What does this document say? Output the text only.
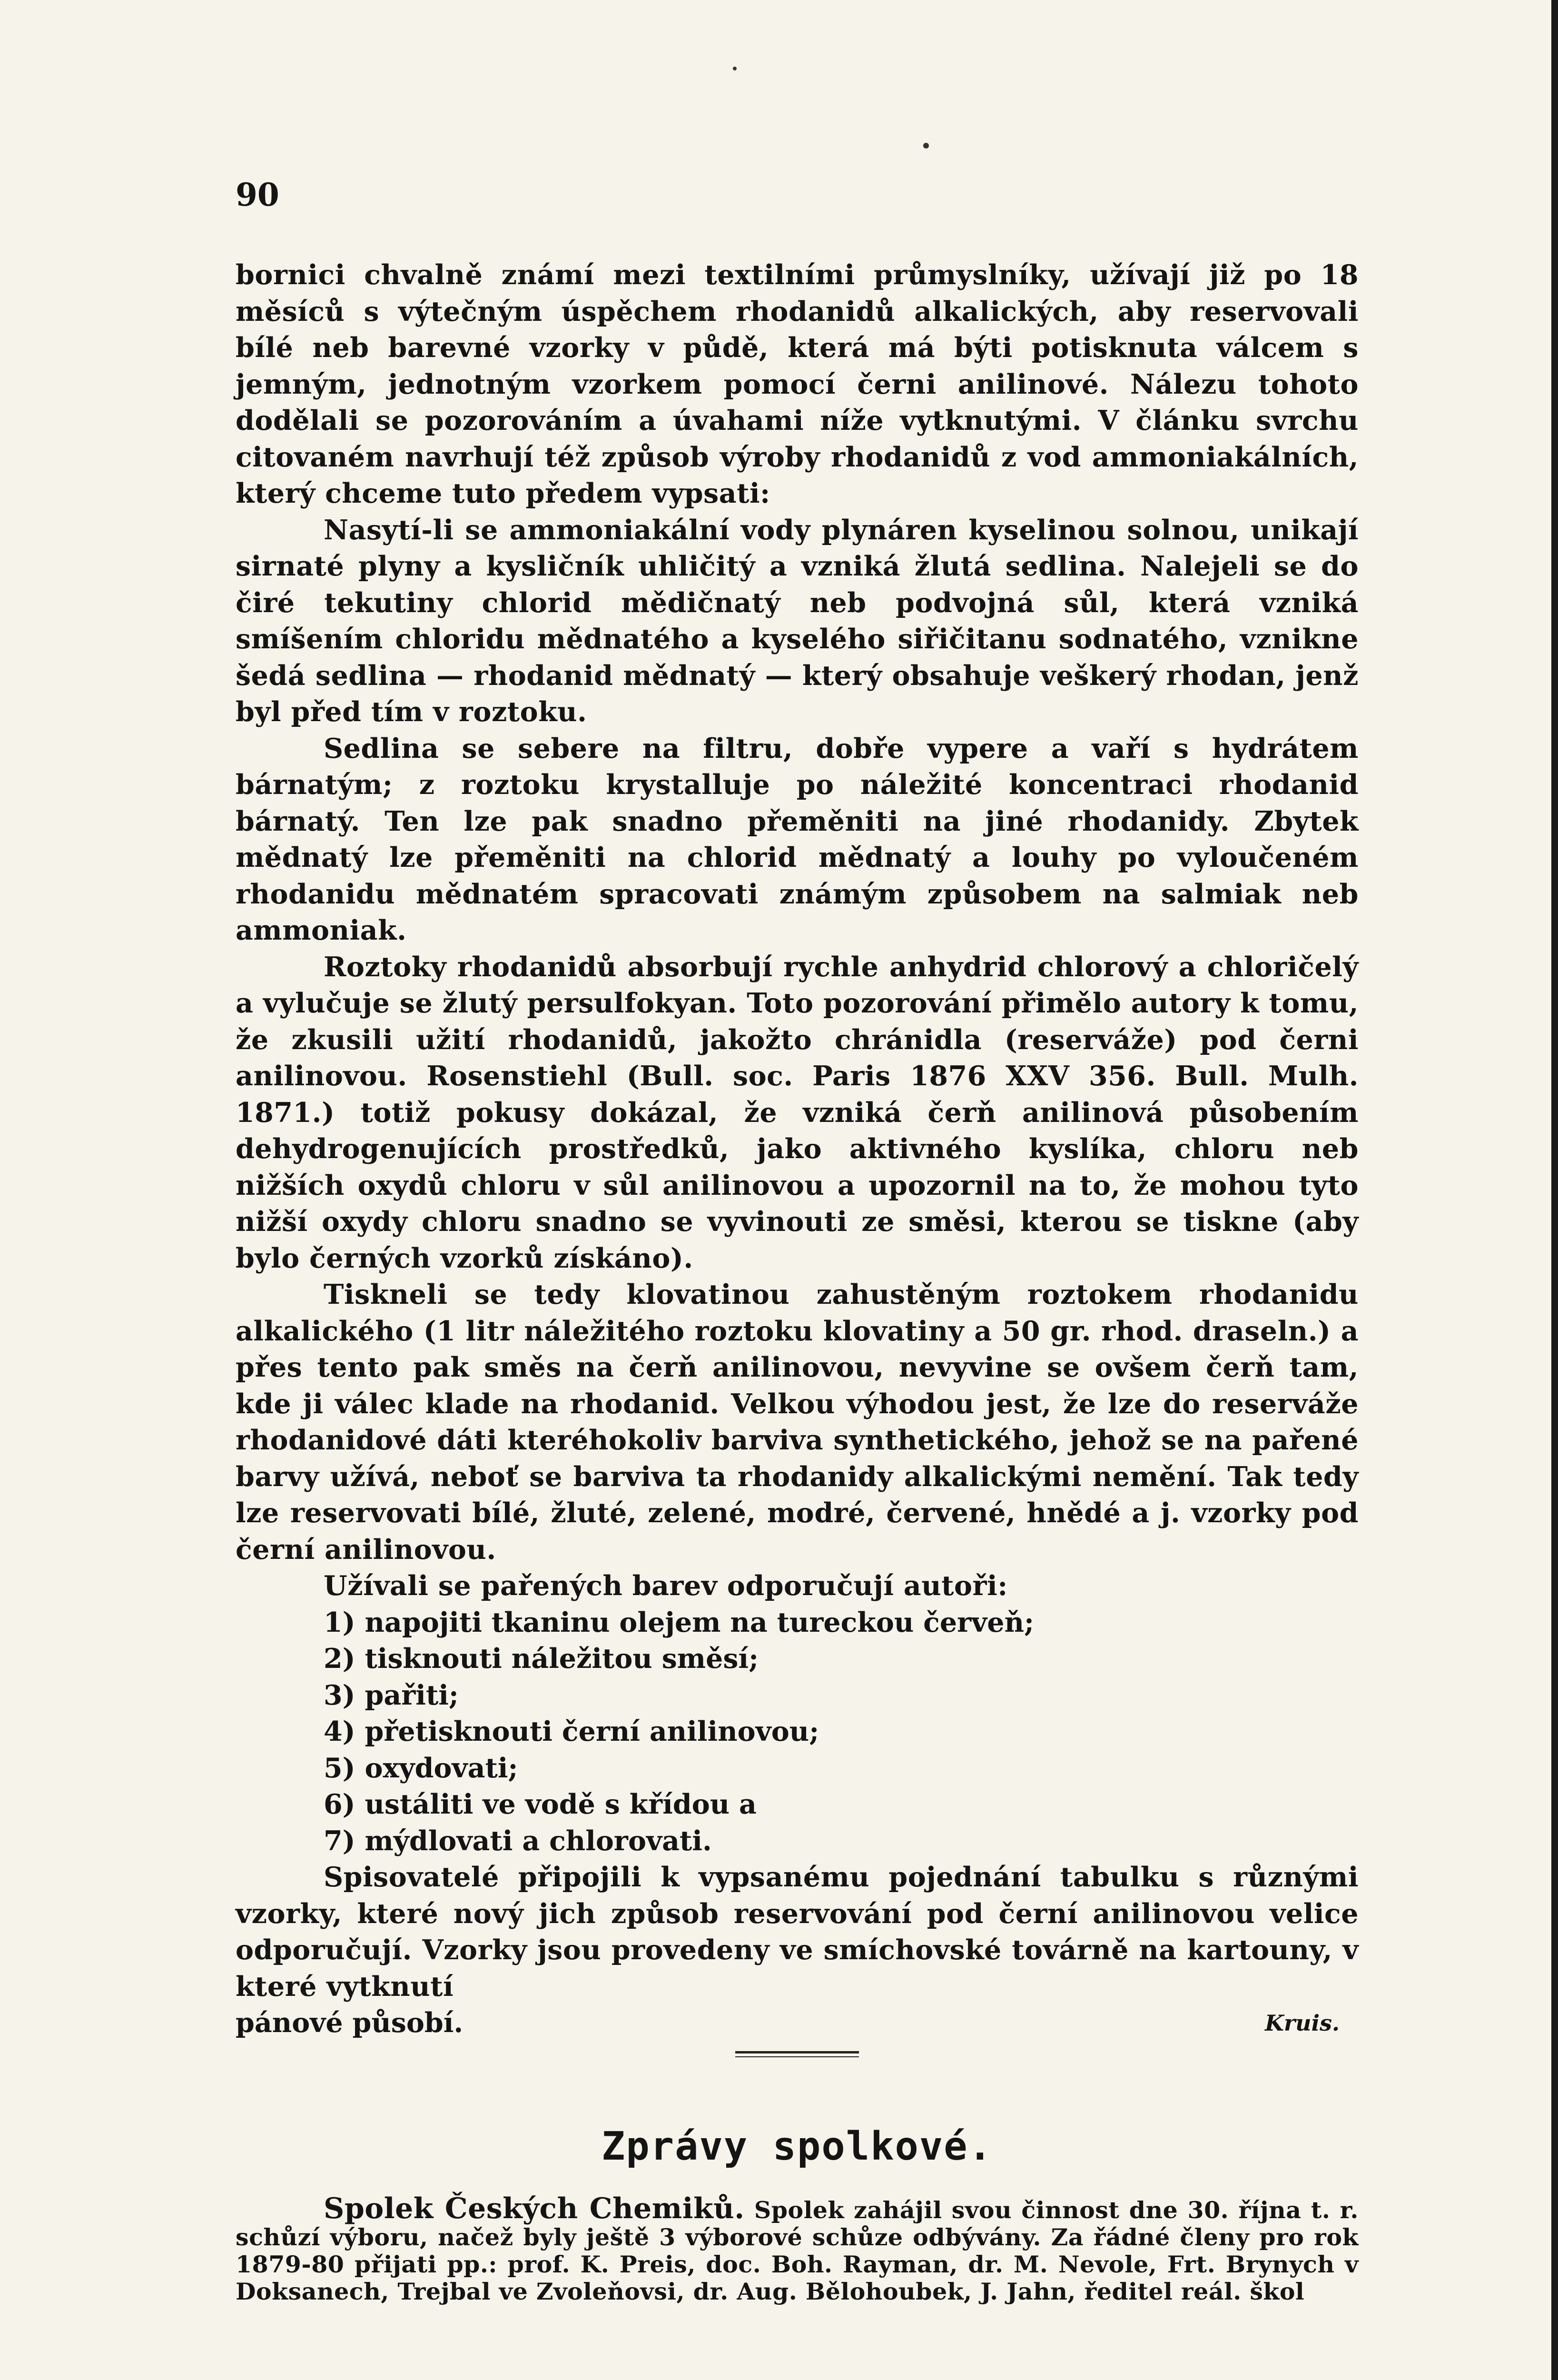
90

bornici chvalně známí mezi textilními průmyslníky, užívají již po 18 měsíců s výtečným úspěchem rhodanidů alkalických, aby reservovali bílé neb barevné vzorky v půdě, která má býti potisknuta válcem s jemným, jednotným vzorkem pomocí černi anilinové. Nálezu tohoto dodělali se pozorováním a úvahami níže vytknutými. V článku svrchu citovaném navrhují též způsob výroby rhodanidů z vod ammoniakálních, který chceme tuto předem vypsati:

Nasytí-li se ammoniakální vody plynáren kyselinou solnou, unikají sirnaté plyny a kysličník uhličitý a vzniká žlutá sedlina. Nalejeli se do čiré tekutiny chlorid mědičnatý neb podvojná sůl, která vzniká smíšením chloridu mědnatého a kyselého siřičitanu sodnatého, vznikne šedá sedlina — rhodanid mědnatý — který obsahuje veškerý rhodan, jenž byl před tím v roztoku.

Sedlina se sebere na filtru, dobře vypere a vaří s hydrátem bárnatým; z roztoku krystalluje po náležité koncentraci rhodanid bárnatý. Ten lze pak snadno přeměniti na jiné rhodanidy. Zbytek mědnatý lze přeměniti na chlorid mědnatý a louhy po vyloučeném rhodanidu mědnatém spracovati známým způsobem na salmiak neb ammoniak.

Roztoky rhodanidů absorbují rychle anhydrid chlorový a chloričelý a vylučuje se žlutý persulfokyan. Toto pozorování přimělo autory k tomu, že zkusili užití rhodanidů, jakožto chránidla (reserváže) pod černi anilinovou. Rosenstiehl (Bull. soc. Paris 1876 XXV 356. Bull. Mulh. 1871.) totiž pokusy dokázal, že vzniká čerň anilinová působením dehydrogenujících prostředků, jako aktivného kyslíka, chloru neb nižších oxydů chloru v sůl anilinovou a upozornil na to, že mohou tyto nižší oxydy chloru snadno se vyvinouti ze směsi, kterou se tiskne (aby bylo černých vzorků získáno).

Tiskneli se tedy klovatinou zahustěným roztokem rhodanidu alkalického (1 litr náležitého roztoku klovatiny a 50 gr. rhod. draseln.) a přes tento pak směs na čerň anilinovou, nevyvine se ovšem čerň tam, kde ji válec klade na rhodanid. Velkou výhodou jest, že lze do reserváže rhodanidové dáti kteréhokoliv barviva synthetického, jehož se na pařené barvy užívá, neboť se barviva ta rhodanidy alkalickými nemění. Tak tedy lze reservovati bílé, žluté, zelené, modré, červené, hnědé a j. vzorky pod černí anilinovou.

Užívali se pařených barev odporučují autoři:

1) napojiti tkaninu olejem na tureckou červeň;
2) tisknouti náležitou směsí;
3) pařiti;
4) přetisknouti černí anilinovou;
5) oxydovati;
6) ustáliti ve vodě s křídou a
7) mýdlovati a chlorovati.

Spisovatelé připojili k vypsanému pojednání tabulku s různými vzorky, které nový jich způsob reservování pod černí anilinovou velice odporučují. Vzorky jsou provedeny ve smíchovské továrně na kartouny, v které vytknutí

pánové působí.	Kruis.
Zprávy spolkové.

Spolek Českých Chemiků. Spolek zahájil svou činnost dne 30. října t. r. schůzí výboru, načež byly ještě 3 výborové schůze odbývány. Za řádné členy pro rok 1879-80 přijati pp.: prof. K. Preis, doc. Boh. Rayman, dr. M. Nevole, Frt. Brynych v Doksanech, Trejbal ve Zvoleňovsi, dr. Aug. Bělohoubek, J. Jahn, ředitel reál. škol
